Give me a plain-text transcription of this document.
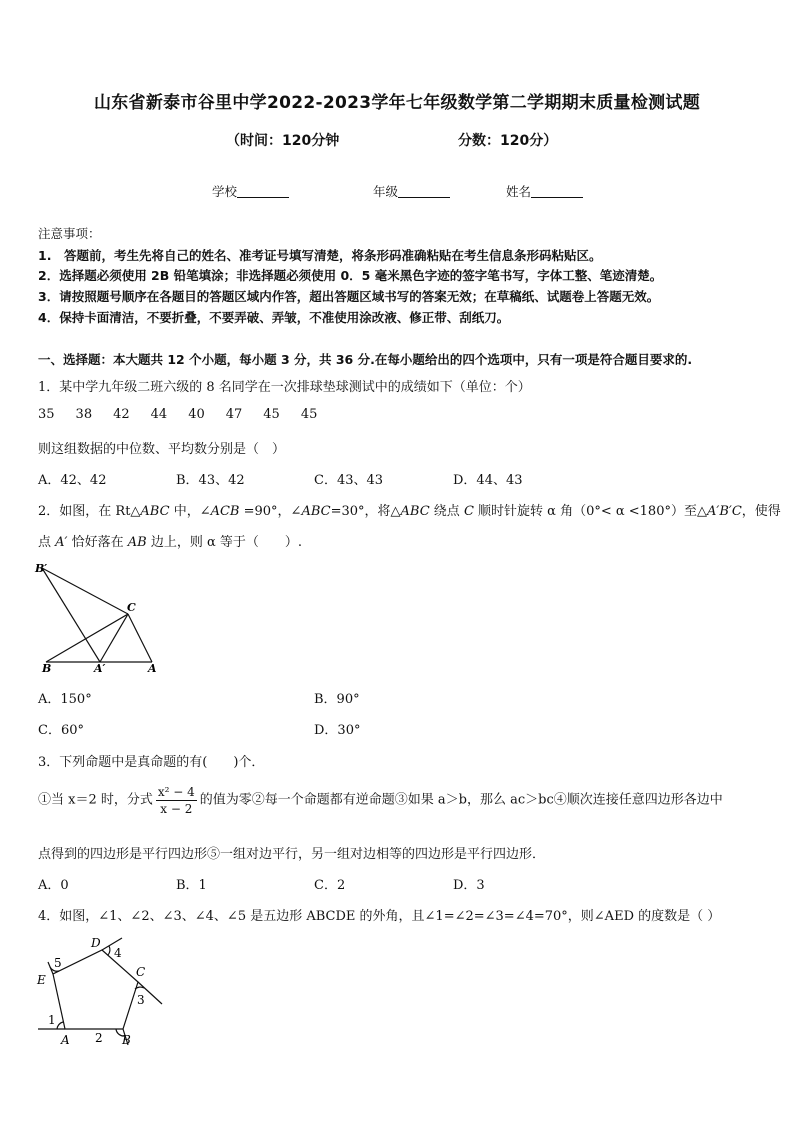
山东省新泰市谷里中学2022-2023学年七年级数学第二学期期末质量检测试题
（时间：120分钟	分数：120分）
学校	年级	姓名
注意事项：
1.　答题前，考生先将自己的姓名、准考证号填写清楚，将条形码准确粘贴在考生信息条形码粘贴区。
2．选择题必须使用 2B 铅笔填涂；非选择题必须使用 0．5 毫米黑色字迹的签字笔书写，字体工整、笔迹清楚。
3．请按照题号顺序在各题目的答题区域内作答，超出答题区域书写的答案无效；在草稿纸、试题卷上答题无效。
4．保持卡面清洁，不要折叠，不要弄破、弄皱，不准使用涂改液、修正带、刮纸刀。
一、选择题：本大题共 12 个小题，每小题 3 分，共 36 分.在每小题给出的四个选项中，只有一项是符合题目要求的.
1．某中学九年级二班六级的 8 名同学在一次排球垫球测试中的成绩如下（单位：个）
35 38 42 44 40 47 45 45
则这组数据的中位数、平均数分别是（　）
A．42、42	B．43、42	C．43、43	D．44、43
2．如图，在 Rt△ABC 中，∠ACB =90°，∠ABC=30°，将△ABC 绕点 C 顺时针旋转 α 角（0°< α <180°）至△A′B′C，使得
点 A′ 恰好落在 AB 边上，则 α 等于（　　）.
B′
C
B	A′	A
A．150°	B．90°
C．60°	D．30°
3．下列命题中是真命题的有(　　)个．
①当 x＝2 时，分式 $\frac{\text{x² − 4}}{x - 2}$ 的值为零②每一个命题都有逆命题③如果 a＞b，那么 ac＞bc④顺次连接任意四边形各边中
点得到的四边形是平行四边形⑤一组对边平行，另一组对边相等的四边形是平行四边形．
A．0	B．1	C．2	D．3
4．如图，∠1、∠2、∠3、∠4、∠5 是五边形 ABCDE 的外角，且∠1=∠2=∠3=∠4=70°，则∠AED 的度数是（ ）
D
4
5
E
C
3
1
A 2 B
